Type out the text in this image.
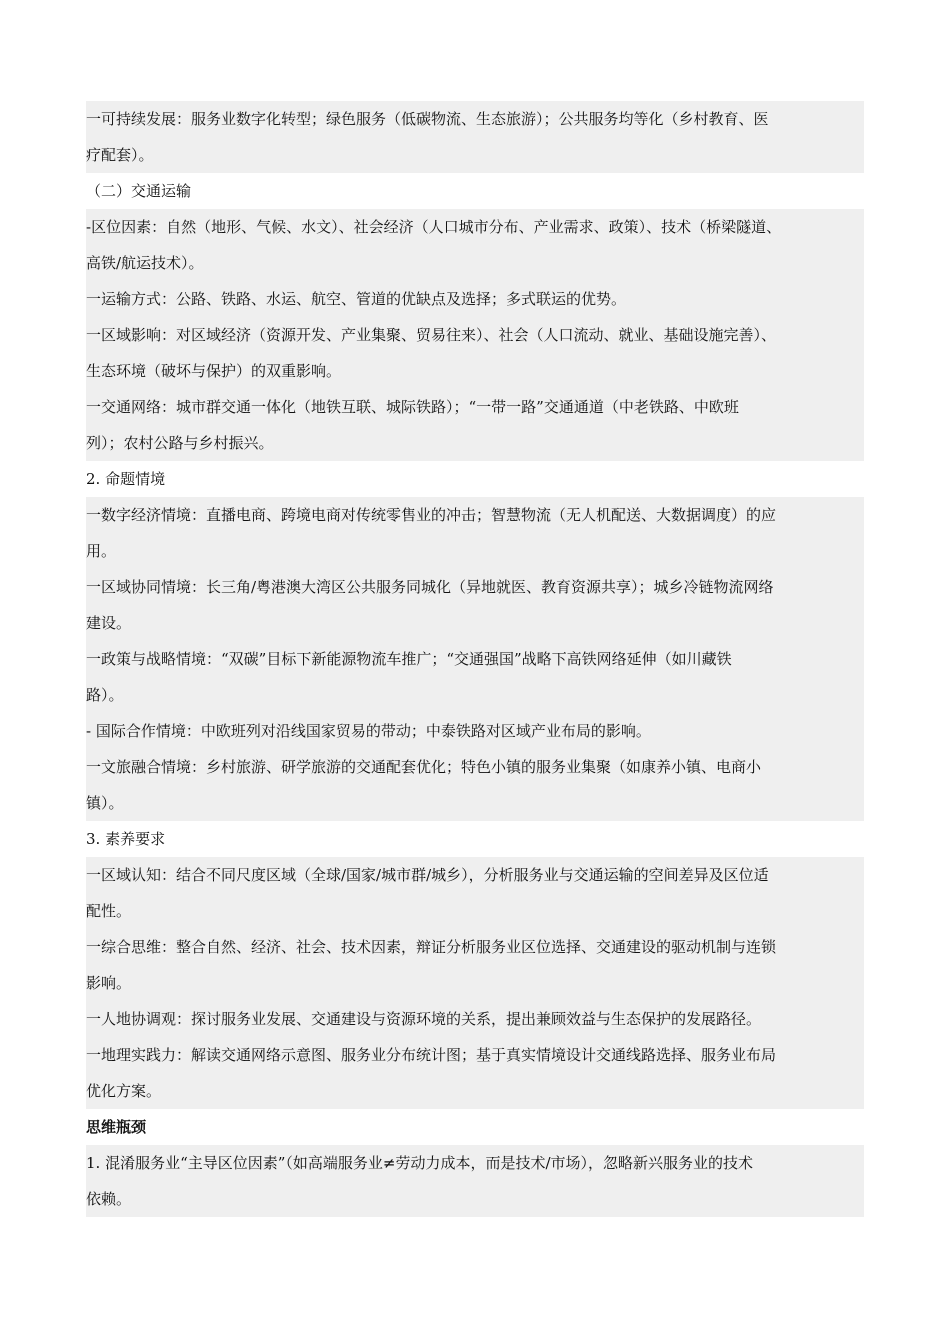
一可持续发展：服务业数字化转型；绿色服务（低碳物流、生态旅游）；公共服务均等化（乡村教育、医
疗配套）。
（二）交通运输
-区位因素：自然（地形、气候、水文）、社会经济（人口城市分布、产业需求、政策）、技术（桥梁隧道、
高铁/航运技术）。
一运输方式：公路、铁路、水运、航空、管道的优缺点及选择；多式联运的优势。
一区域影响：对区域经济（资源开发、产业集聚、贸易往来）、社会（人口流动、就业、基础设施完善）、
生态环境（破坏与保护）的双重影响。
一交通网络：城市群交通一体化（地铁互联、城际铁路）；“一带一路”交通通道（中老铁路、中欧班
列）；农村公路与乡村振兴。
2. 命题情境
一数字经济情境：直播电商、跨境电商对传统零售业的冲击；智慧物流（无人机配送、大数据调度）的应
用。
一区域协同情境：长三角/粤港澳大湾区公共服务同城化（异地就医、教育资源共享）；城乡冷链物流网络
建设。
一政策与战略情境：“双碳”目标下新能源物流车推广；“交通强国”战略下高铁网络延伸（如川藏铁
路）。
- 国际合作情境：中欧班列对沿线国家贸易的带动；中泰铁路对区域产业布局的影响。
一文旅融合情境：乡村旅游、研学旅游的交通配套优化；特色小镇的服务业集聚（如康养小镇、电商小
镇）。
3. 素养要求
一区域认知：结合不同尺度区域（全球/国家/城市群/城乡），分析服务业与交通运输的空间差异及区位适
配性。
一综合思维：整合自然、经济、社会、技术因素，辩证分析服务业区位选择、交通建设的驱动机制与连锁
影响。
一人地协调观：探讨服务业发展、交通建设与资源环境的关系，提出兼顾效益与生态保护的发展路径。
一地理实践力：解读交通网络示意图、服务业分布统计图；基于真实情境设计交通线路选择、服务业布局
优化方案。
思维瓶颈
1. 混淆服务业“主导区位因素”（如高端服务业≠劳动力成本，而是技术/市场），忽略新兴服务业的技术
依赖。
